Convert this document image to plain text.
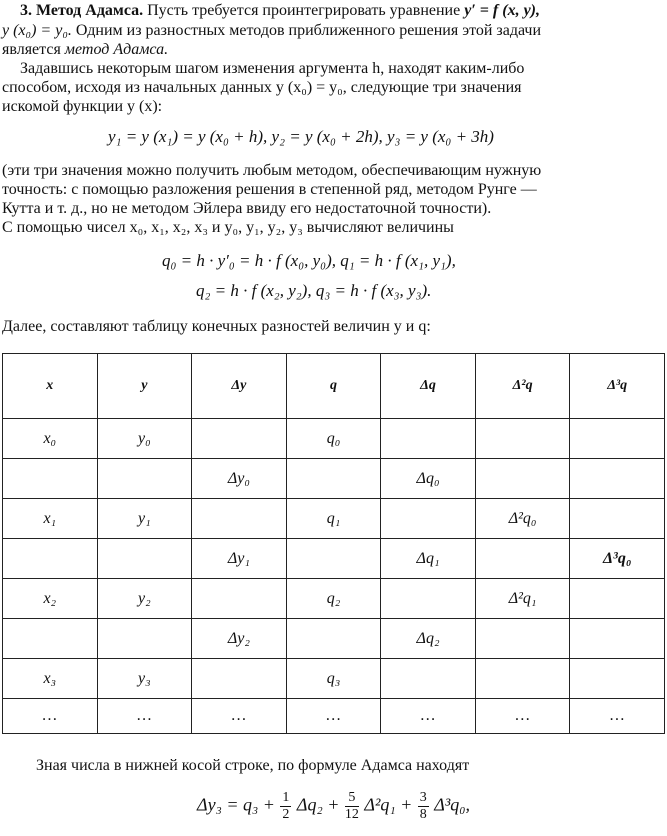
3. Метод Адамса. Пусть требуется проинтегрировать уравнение y′ = f (x, y),
y (x₀) = y₀. Одним из разностных методов приближенного решения этой задачи
является метод Адамса.
Задавшись некоторым шагом изменения аргумента h, находят каким-либо
способом, исходя из начальных данных y (x₀) = y₀, следующие три значения
искомой функции y (x):
y₁ = y (x₁) = y (x₀ + h), y₂ = y (x₀ + 2h), y₃ = y (x₀ + 3h)
(эти три значения можно получить любым методом, обеспечивающим нужную
точность: с помощью разложения решения в степенной ряд, методом Рунге —
Кутта и т. д., но не методом Эйлера ввиду его недостаточной точности).
С помощью чисел x₀, x₁, x₂, x₃ и y₀, y₁, y₂, y₃ вычисляют величины
q₀ = h · y′₀ = h · f (x₀, y₀), q₁ = h · f (x₁, y₁),
q₂ = h · f (x₂, y₂), q₃ = h · f (x₃, y₃).
Далее, составляют таблицу конечных разностей величин y и q:
x	y	Δy	q	Δq	Δ²q	Δ³q
x₀	y₀		q₀			
		Δy₀		Δq₀		
x₁	y₁		q₁		Δ²q₀	
		Δy₁		Δq₁		Δ³q₀
x₂	y₂		q₂		Δ²q₁	
		Δy₂		Δq₂		
x₃	y₃		q₃			
…	…	…	…	…	…	…
Зная числа в нижней косой строке, по формуле Адамса находят
$\Delta y_3 = q_3 + \frac{1}{2} \Delta q_2 + \frac{5}{12} \Delta^2q_1 + \frac{3}{8} \Delta^3q_0$,
